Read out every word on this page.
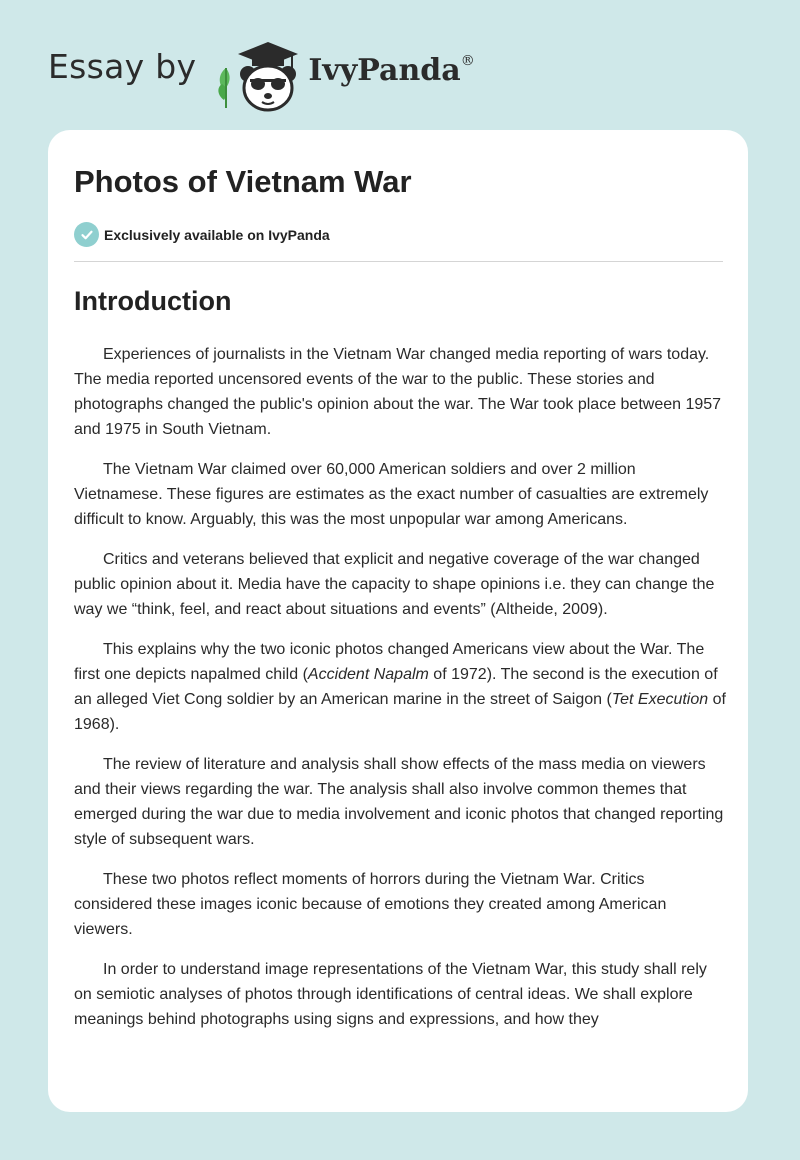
Essay by	IvyPanda®
Photos of Vietnam War
Exclusively available on IvyPanda
Introduction

Experiences of journalists in the Vietnam War changed media reporting of wars today. The media reported uncensored events of the war to the public. These stories and photographs changed the public's opinion about the war. The War took place between 1957 and 1975 in South Vietnam.

The Vietnam War claimed over 60,000 American soldiers and over 2 million Vietnamese. These figures are estimates as the exact number of casualties are extremely difficult to know. Arguably, this was the most unpopular war among Americans.

Critics and veterans believed that explicit and negative coverage of the war changed public opinion about it. Media have the capacity to shape opinions i.e. they can change the way we “think, feel, and react about situations and events” (Altheide, 2009).

This explains why the two iconic photos changed Americans view about the War. The first one depicts napalmed child (Accident Napalm of 1972). The second is the execution of an alleged Viet Cong soldier by an American marine in the street of Saigon (Tet Execution of 1968).

The review of literature and analysis shall show effects of the mass media on viewers and their views regarding the war. The analysis shall also involve common themes that emerged during the war due to media involvement and iconic photos that changed reporting style of subsequent wars.

These two photos reflect moments of horrors during the Vietnam War. Critics considered these images iconic because of emotions they created among American viewers.

In order to understand image representations of the Vietnam War, this study shall rely on semiotic analyses of photos through identifications of central ideas. We shall explore meanings behind photographs using signs and expressions, and how they
